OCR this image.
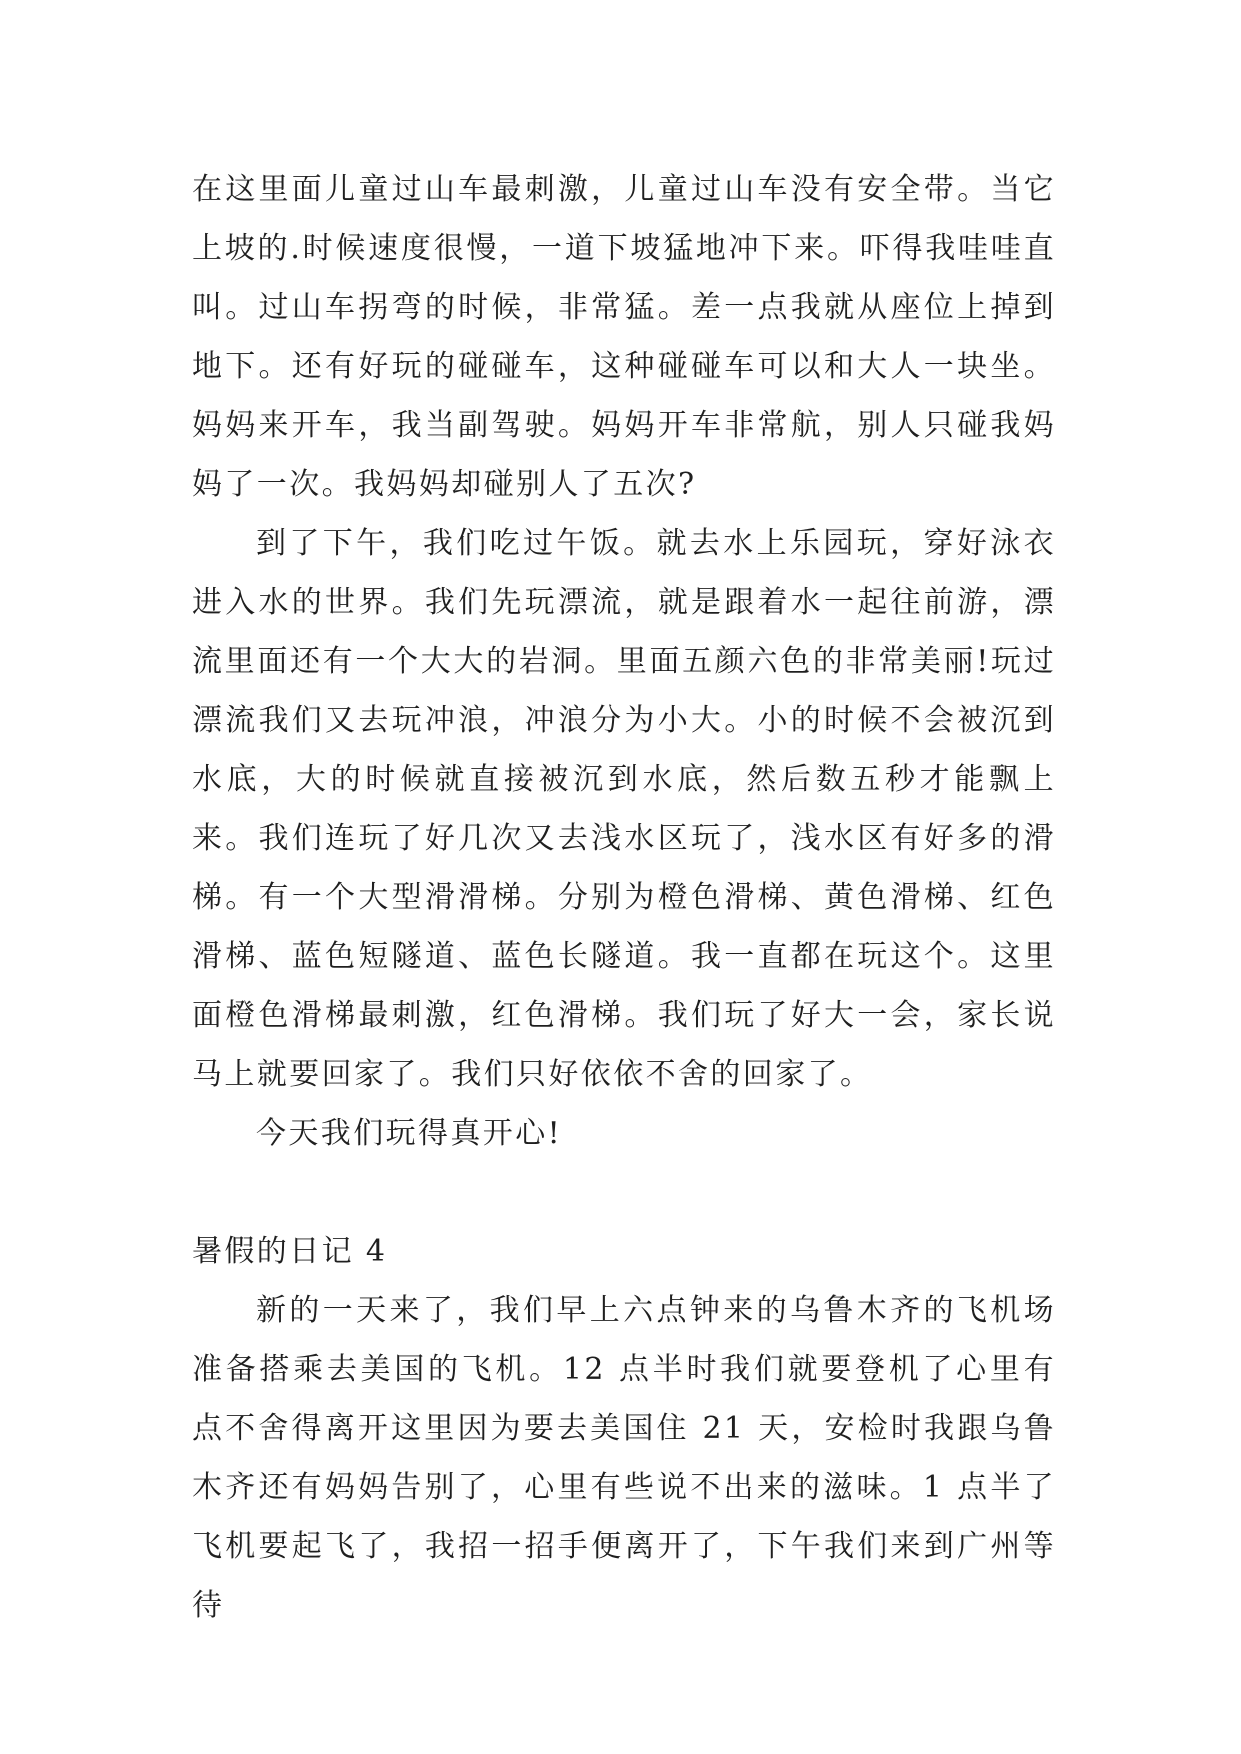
在这里面儿童过山车最刺激，儿童过山车没有安全带。当它上坡的.时候速度很慢，一道下坡猛地冲下来。吓得我哇哇直叫。过山车拐弯的时候，非常猛。差一点我就从座位上掉到地下。还有好玩的碰碰车，这种碰碰车可以和大人一块坐。妈妈来开车，我当副驾驶。妈妈开车非常航，别人只碰我妈妈了一次。我妈妈却碰别人了五次?

到了下午，我们吃过午饭。就去水上乐园玩，穿好泳衣进入水的世界。我们先玩漂流，就是跟着水一起往前游，漂流里面还有一个大大的岩洞。里面五颜六色的非常美丽!玩过漂流我们又去玩冲浪，冲浪分为小大。小的时候不会被沉到水底，大的时候就直接被沉到水底，然后数五秒才能飘上来。我们连玩了好几次又去浅水区玩了，浅水区有好多的滑梯。有一个大型滑滑梯。分别为橙色滑梯、黄色滑梯、红色滑梯、蓝色短隧道、蓝色长隧道。我一直都在玩这个。这里面橙色滑梯最刺激，红色滑梯。我们玩了好大一会，家长说马上就要回家了。我们只好依依不舍的回家了。

今天我们玩得真开心!

暑假的日记 4

新的一天来了，我们早上六点钟来的乌鲁木齐的飞机场准备搭乘去美国的飞机。12 点半时我们就要登机了心里有点不舍得离开这里因为要去美国住 21 天，安检时我跟乌鲁木齐还有妈妈告别了，心里有些说不出来的滋味。1 点半了飞机要起飞了，我招一招手便离开了，下午我们来到广州等待
